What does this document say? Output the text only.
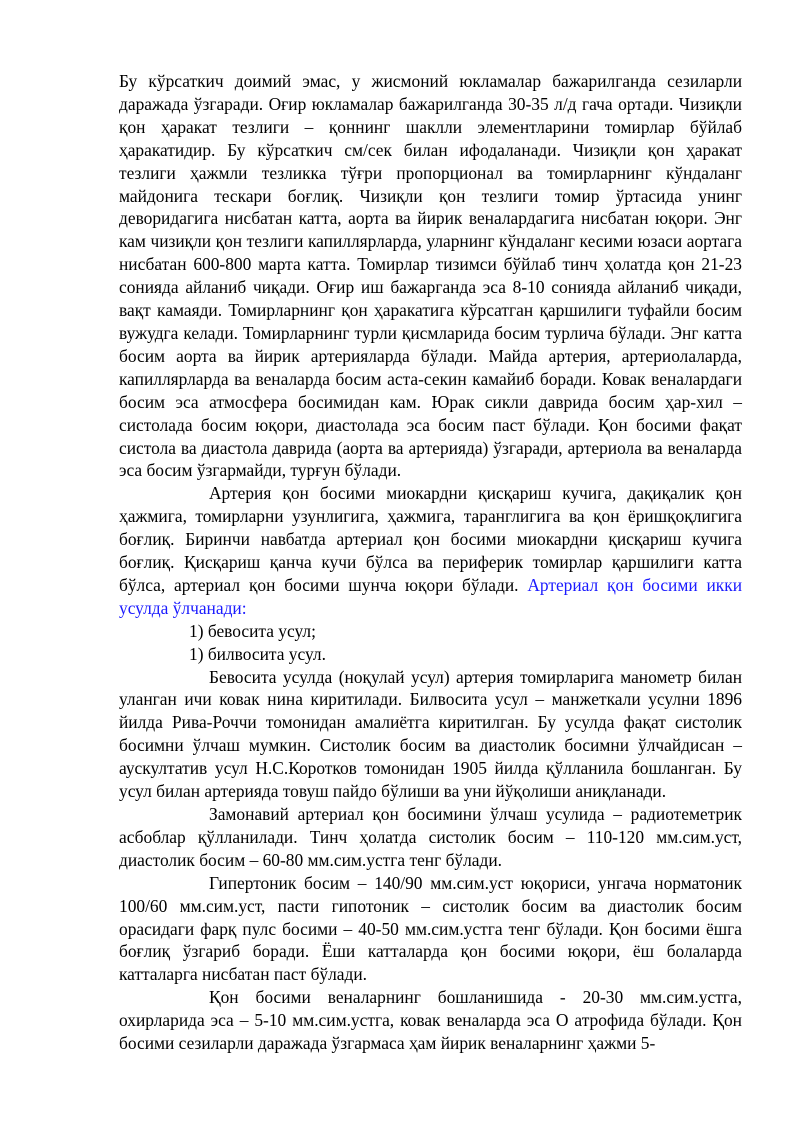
Бу кўрсаткич доимий эмас, у жисмоний юкламалар бажарилганда сезиларли даражада ўзгаради. Оғир юкламалар бажарилганда 30-35 л/д гача ортади. Чизиқли қон ҳаракат тезлиги – қоннинг шаклли элементларини томирлар бўйлаб ҳаракатидир. Бу кўрсаткич см/сек билан ифодаланади. Чизиқли қон ҳаракат тезлиги ҳажмли тезликка тўғри пропорционал ва томирларнинг кўндаланг майдонига тескари боғлиқ. Чизиқли қон тезлиги томир ўртасида унинг деворидагига нисбатан катта, аорта ва йирик веналардагига нисбатан юқори. Энг кам чизиқли қон тезлиги капиллярларда, уларнинг кўндаланг кесими юзаси аортага нисбатан 600-800 марта катта. Томирлар тизимси бўйлаб тинч ҳолатда қон 21-23 сонияда айланиб чиқади. Оғир иш бажарганда эса 8-10 сонияда айланиб чиқади, вақт камаяди. Томирларнинг қон ҳаракатига кўрсатган қаршилиги туфайли босим вужудга келади. Томирларнинг турли қисмларида босим турлича бўлади. Энг катта босим аорта ва йирик артерияларда бўлади. Майда артерия, артериолаларда, капиллярларда ва веналарда босим аста-секин камайиб боради. Ковак веналардаги босим эса атмосфера босимидан кам. Юрак сикли даврида босим ҳар-хил – систолада босим юқори, диастолада эса босим паст бўлади. Қон босими фақат систола ва диастола даврида (аорта ва артерияда) ўзгаради, артериола ва веналарда эса босим ўзгармайди, турғун бўлади.

Артерия қон босими миокардни қисқариш кучига, дақиқалик қон ҳажмига, томирларни узунлигига, ҳажмига, таранглигига ва қон ёришқоқлигига боғлиқ. Биринчи навбатда артериал қон босими миокардни қисқариш кучига боғлиқ. Қисқариш қанча кучи бўлса ва периферик томирлар қаршилиги катта бўлса, артериал қон босими шунча юқори бўлади. Артериал қон босими икки усулда ўлчанади:

1) бевосита усул;

1) билвосита усул.

Бевосита усулда (ноқулай усул) артерия томирларига манометр билан уланган ичи ковак нина киритилади. Билвосита усул – манжеткали усулни 1896 йилда Рива-Роччи томонидан амалиётга киритилган. Бу усулда фақат систолик босимни ўлчаш мумкин. Систолик босим ва диастолик босимни ўлчайдисан – аускултатив усул Н.С.Коротков томонидан 1905 йилда қўлланила бошланган. Бу усул билан артерияда товуш пайдо бўлиши ва уни йўқолиши аниқланади.

Замонавий артериал қон босимини ўлчаш усулида – радиотеметрик асбоблар қўлланилади. Тинч ҳолатда систолик босим – 110-120 мм.сим.уст, диастолик босим – 60-80 мм.сим.устга тенг бўлади.

Гипертоник босим – 140/90 мм.сим.уст юқориси, унгача норматоник 100/60 мм.сим.уст, пасти гипотоник – систолик босим ва диастолик босим орасидаги фарқ пулс босими – 40-50 мм.сим.устга тенг бўлади. Қон босими ёшга боғлиқ ўзгариб боради. Ёши катталарда қон босими юқори, ёш болаларда катталарга нисбатан паст бўлади.

Қон босими веналарнинг бошланишида - 20-30 мм.сим.устга, охирларида эса – 5-10 мм.сим.устга, ковак веналарда эса О атрофида бўлади. Қон босими сезиларли даражада ўзгармаса ҳам йирик веналарнинг ҳажми 5-
